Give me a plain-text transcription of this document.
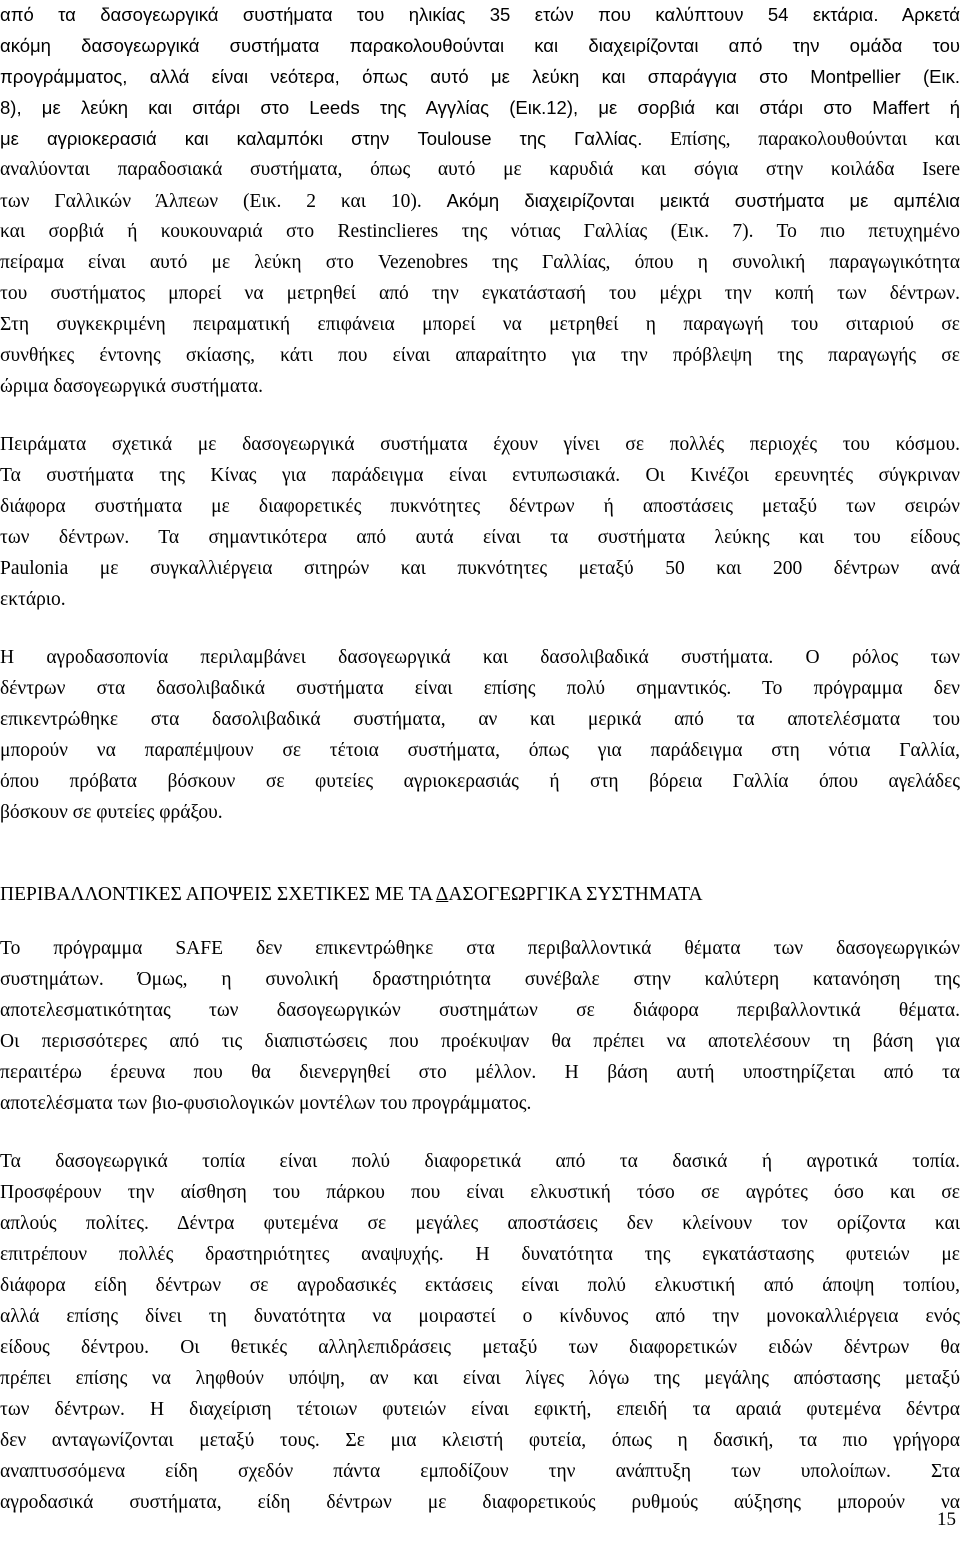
από τα δασογεωργικά συστήματα του ηλικίας 35 ετών που καλύπτουν 54 εκτάρια. Αρκετά
ακόμη δασογεωργικά συστήματα παρακολουθούνται και διαχειρίζονται από την ομάδα του
προγράμματος, αλλά είναι νεότερα, όπως αυτό με λεύκη και σπαράγγια στο Montpellier (Εικ.
8), με λεύκη και σιτάρι στο Leeds της Αγγλίας (Εικ.12), με σορβιά και στάρι στο Maffert ή
με αγριοκερασιά και καλαμπόκι στην Toulouse της Γαλλίας. Επίσης, παρακολουθούνται και
αναλύονται παραδοσιακά συστήματα, όπως αυτό με καρυδιά και σόγια στην κοιλάδα Isere
των Γαλλικών Άλπεων (Εικ. 2 και 10). Ακόμη διαχειρίζονται μεικτά συστήματα με αμπέλια
και σορβιά ή κουκουναριά στο Restinclieres της νότιας Γαλλίας (Εικ. 7). Το πιο πετυχημένο
πείραμα είναι αυτό με λεύκη στο Vezenobres της Γαλλίας, όπου η συνολική παραγωγικότητα
του συστήματος μπορεί να μετρηθεί από την εγκατάστασή του μέχρι την κοπή των δέντρων.
Στη συγκεκριμένη πειραματική επιφάνεια μπορεί να μετρηθεί η παραγωγή του σιταριού σε
συνθήκες έντονης σκίασης, κάτι που είναι απαραίτητο για την πρόβλεψη της παραγωγής σε
ώριμα δασογεωργικά συστήματα.
Πειράματα σχετικά με δασογεωργικά συστήματα έχουν γίνει σε πολλές περιοχές του κόσμου.
Τα συστήματα της Κίνας για παράδειγμα είναι εντυπωσιακά. Οι Κινέζοι ερευνητές σύγκριναν
διάφορα συστήματα με διαφορετικές πυκνότητες δέντρων ή αποστάσεις μεταξύ των σειρών
των δέντρων. Τα σημαντικότερα από αυτά είναι τα συστήματα λεύκης και του είδους
Paulonia με συγκαλλιέργεια σιτηρών και πυκνότητες μεταξύ 50 και 200 δέντρων ανά
εκτάριο.
Η αγροδασοπονία περιλαμβάνει δασογεωργικά και δασολιβαδικά συστήματα. Ο ρόλος των
δέντρων στα δασολιβαδικά συστήματα είναι επίσης πολύ σημαντικός. Το πρόγραμμα δεν
επικεντρώθηκε στα δασολιβαδικά συστήματα, αν και μερικά από τα αποτελέσματα του
μπορούν να παραπέμψουν σε τέτοια συστήματα, όπως για παράδειγμα στη νότια Γαλλία,
όπου πρόβατα βόσκουν σε φυτείες αγριοκερασιάς ή στη βόρεια Γαλλία όπου αγελάδες
βόσκουν σε φυτείες φράξου.
ΠΕΡΙΒΑΛΛΟΝΤΙΚΕΣ ΑΠΟΨΕΙΣ ΣΧΕΤΙΚΕΣ ΜΕ ΤΑ ΔΑΣΟΓΕΩΡΓΙΚΑ ΣΥΣΤΗΜΑΤΑ
Το πρόγραμμα SAFE δεν επικεντρώθηκε στα περιβαλλοντικά θέματα των δασογεωργικών
συστημάτων. Όμως, η συνολική δραστηριότητα συνέβαλε στην καλύτερη κατανόηση της
αποτελεσματικότητας των δασογεωργικών συστημάτων σε διάφορα περιβαλλοντικά θέματα.
Οι περισσότερες από τις διαπιστώσεις που προέκυψαν θα πρέπει να αποτελέσουν τη βάση για
περαιτέρω έρευνα που θα διενεργηθεί στο μέλλον. Η βάση αυτή υποστηρίζεται από τα
αποτελέσματα των βιο-φυσιολογικών μοντέλων του προγράμματος.
Τα δασογεωργικά τοπία είναι πολύ διαφορετικά από τα δασικά ή αγροτικά τοπία.
Προσφέρουν την αίσθηση του πάρκου που είναι ελκυστική τόσο σε αγρότες όσο και σε
απλούς πολίτες. Δέντρα φυτεμένα σε μεγάλες αποστάσεις δεν κλείνουν τον ορίζοντα και
επιτρέπουν πολλές δραστηριότητες αναψυχής. Η δυνατότητα της εγκατάστασης φυτειών με
διάφορα είδη δέντρων σε αγροδασικές εκτάσεις είναι πολύ ελκυστική από άποψη τοπίου,
αλλά επίσης δίνει τη δυνατότητα να μοιραστεί ο κίνδυνος από την μονοκαλλιέργεια ενός
είδους δέντρου. Οι θετικές αλληλεπιδράσεις μεταξύ των διαφορετικών ειδών δέντρων θα
πρέπει επίσης να ληφθούν υπόψη, αν και είναι λίγες λόγω της μεγάλης απόστασης μεταξύ
των δέντρων. Η διαχείριση τέτοιων φυτειών είναι εφικτή, επειδή τα αραιά φυτεμένα δέντρα
δεν ανταγωνίζονται μεταξύ τους. Σε μια κλειστή φυτεία, όπως η δασική, τα πιο γρήγορα
αναπτυσσόμενα είδη σχεδόν πάντα εμποδίζουν την ανάπτυξη των υπολοίπων. Στα
αγροδασικά συστήματα, είδη δέντρων με διαφορετικούς ρυθμούς αύξησης μπορούν να
15
